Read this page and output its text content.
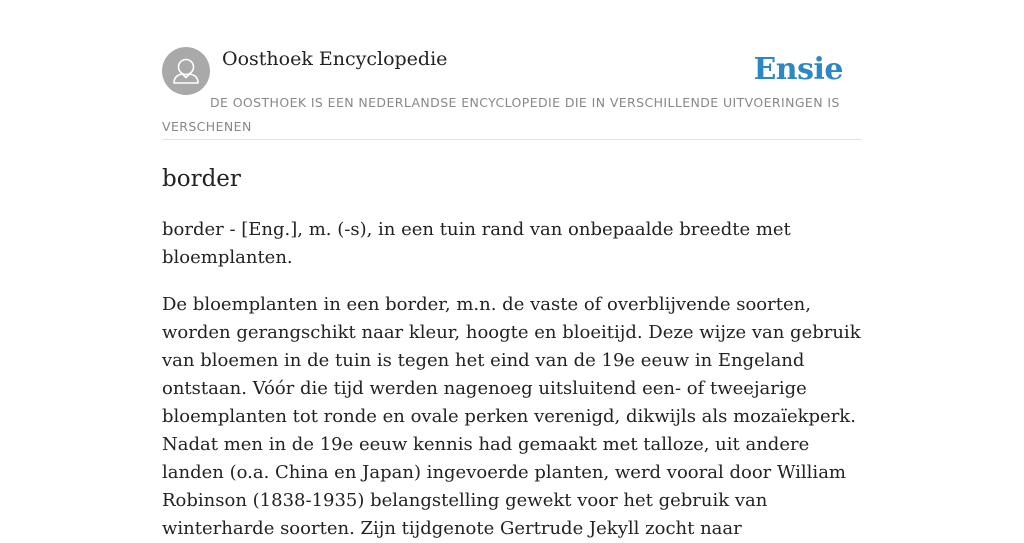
Oosthoek Encyclopedie	Ensie

DE OOSTHOEK IS EEN NEDERLANDSE ENCYCLOPEDIE DIE IN VERSCHILLENDE UITVOERINGEN IS VERSCHENEN

border

border - [Eng.], m. (-s), in een tuin rand van onbepaalde breedte met bloemplanten.

De bloemplanten in een border, m.n. de vaste of overblijvende soorten, worden gerangschikt naar kleur, hoogte en bloeitijd. Deze wijze van gebruik van bloemen in de tuin is tegen het eind van de 19e eeuw in Engeland ontstaan. Vóór die tijd werden nagenoeg uitsluitend een- of tweejarige bloemplanten tot ronde en ovale perken verenigd, dikwijls als mozaïekperk. Nadat men in de 19e eeuw kennis had gemaakt met talloze, uit andere landen (o.a. China en Japan) ingevoerde planten, werd vooral door William Robinson (1838-1935) belangstelling gewekt voor het gebruik van winterharde soorten. Zijn tijdgenote Gertrude Jekyll zocht naar
